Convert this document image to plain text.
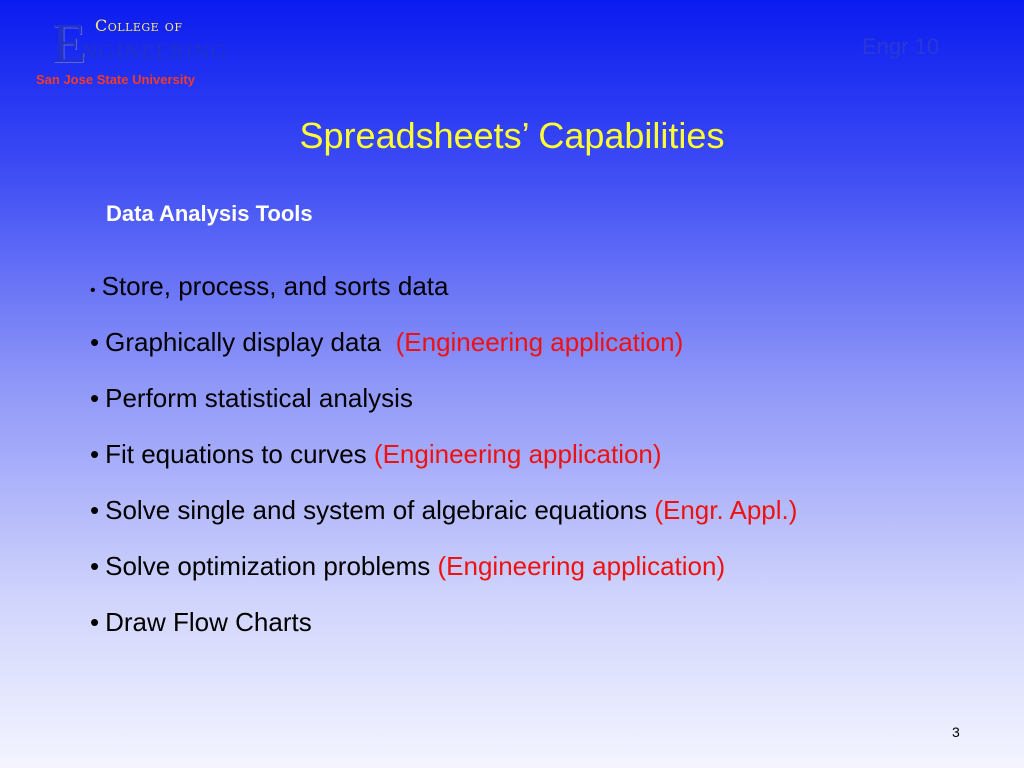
E College of
NGINEERING
San Jose State University
Engr 10
Spreadsheets’ Capabilities
Data Analysis Tools
• Store, process, and sorts data
• Graphically display data (Engineering application)
• Perform statistical analysis
• Fit equations to curves (Engineering application)
• Solve single and system of algebraic equations (Engr. Appl.)
• Solve optimization problems (Engineering application)
• Draw Flow Charts
3
